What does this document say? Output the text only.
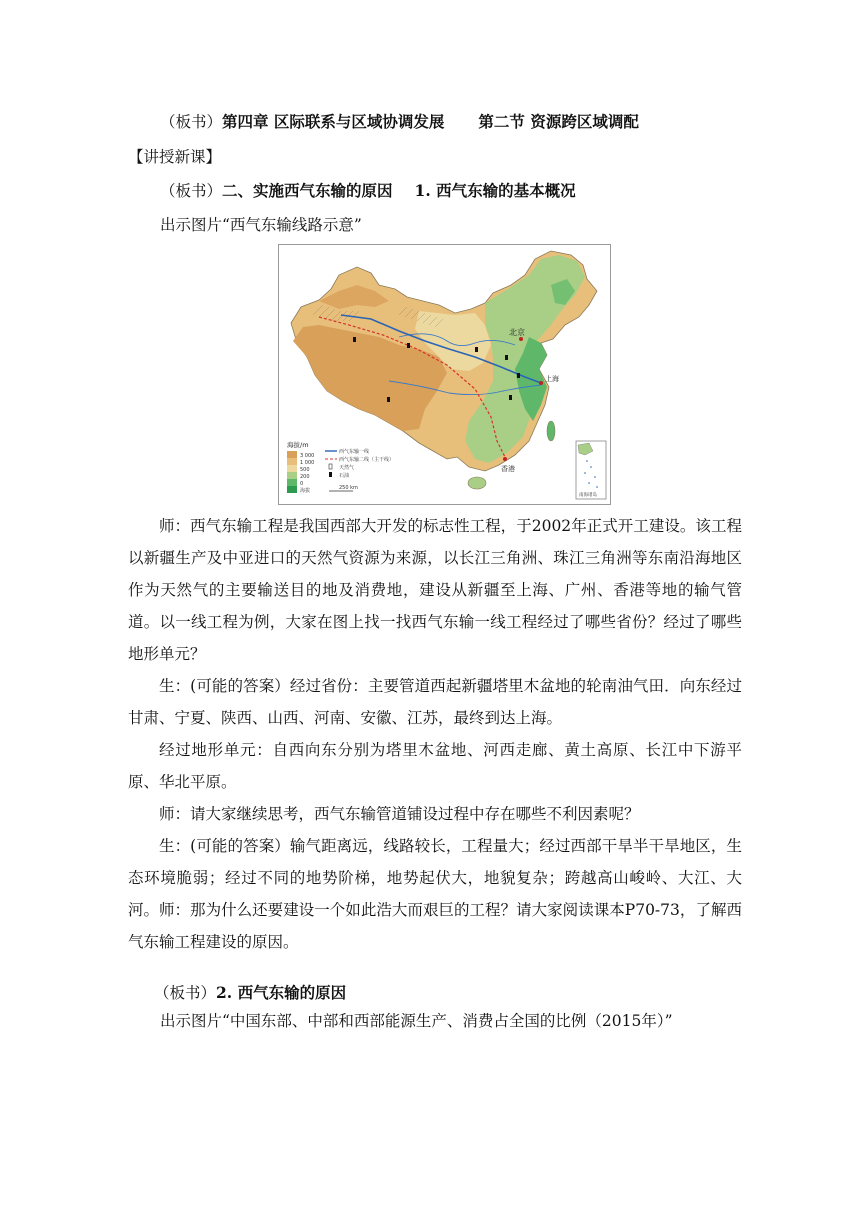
（板书）第四章 区际联系与区域协调发展 第二节 资源跨区域调配
【讲授新课】
（板书）二、实施西气东输的原因 1. 西气东输的基本概况
出示图片“西气东输线路示意”
北京
上海
香港
海拔/m
3 000
1 000
500
200
0
海拔
西气东输一线
西气东输二线（主干线）
天然气
石油
250 km
南海诸岛
师：西气东输工程是我国西部大开发的标志性工程，于2002年正式开工建设。该工程以新疆生产及中亚进口的天然气资源为来源，以长江三角洲、珠江三角洲等东南沿海地区作为天然气的主要输送目的地及消费地，建设从新疆至上海、广州、香港等地的输气管道。以一线工程为例，大家在图上找一找西气东输一线工程经过了哪些省份？经过了哪些地形单元？
生：(可能的答案）经过省份：主要管道西起新疆塔里木盆地的轮南油气田．向东经过甘肃、宁夏、陕西、山西、河南、安徽、江苏，最终到达上海。
经过地形单元：自西向东分别为塔里木盆地、河西走廊、黄土高原、长江中下游平原、华北平原。
师：请大家继续思考，西气东输管道铺设过程中存在哪些不利因素呢？
生：(可能的答案）输气距离远，线路较长，工程量大；经过西部干旱半干旱地区，生态环境脆弱；经过不同的地势阶梯，地势起伏大，地貌复杂；跨越高山峻岭、大江、大河。 师：那为什么还要建设一个如此浩大而艰巨的工程？请大家阅读课本P70-73，了解西气东输工程建设的原因。
（板书）2. 西气东输的原因
出示图片“中国东部、中部和西部能源生产、消费占全国的比例（2015年）”
